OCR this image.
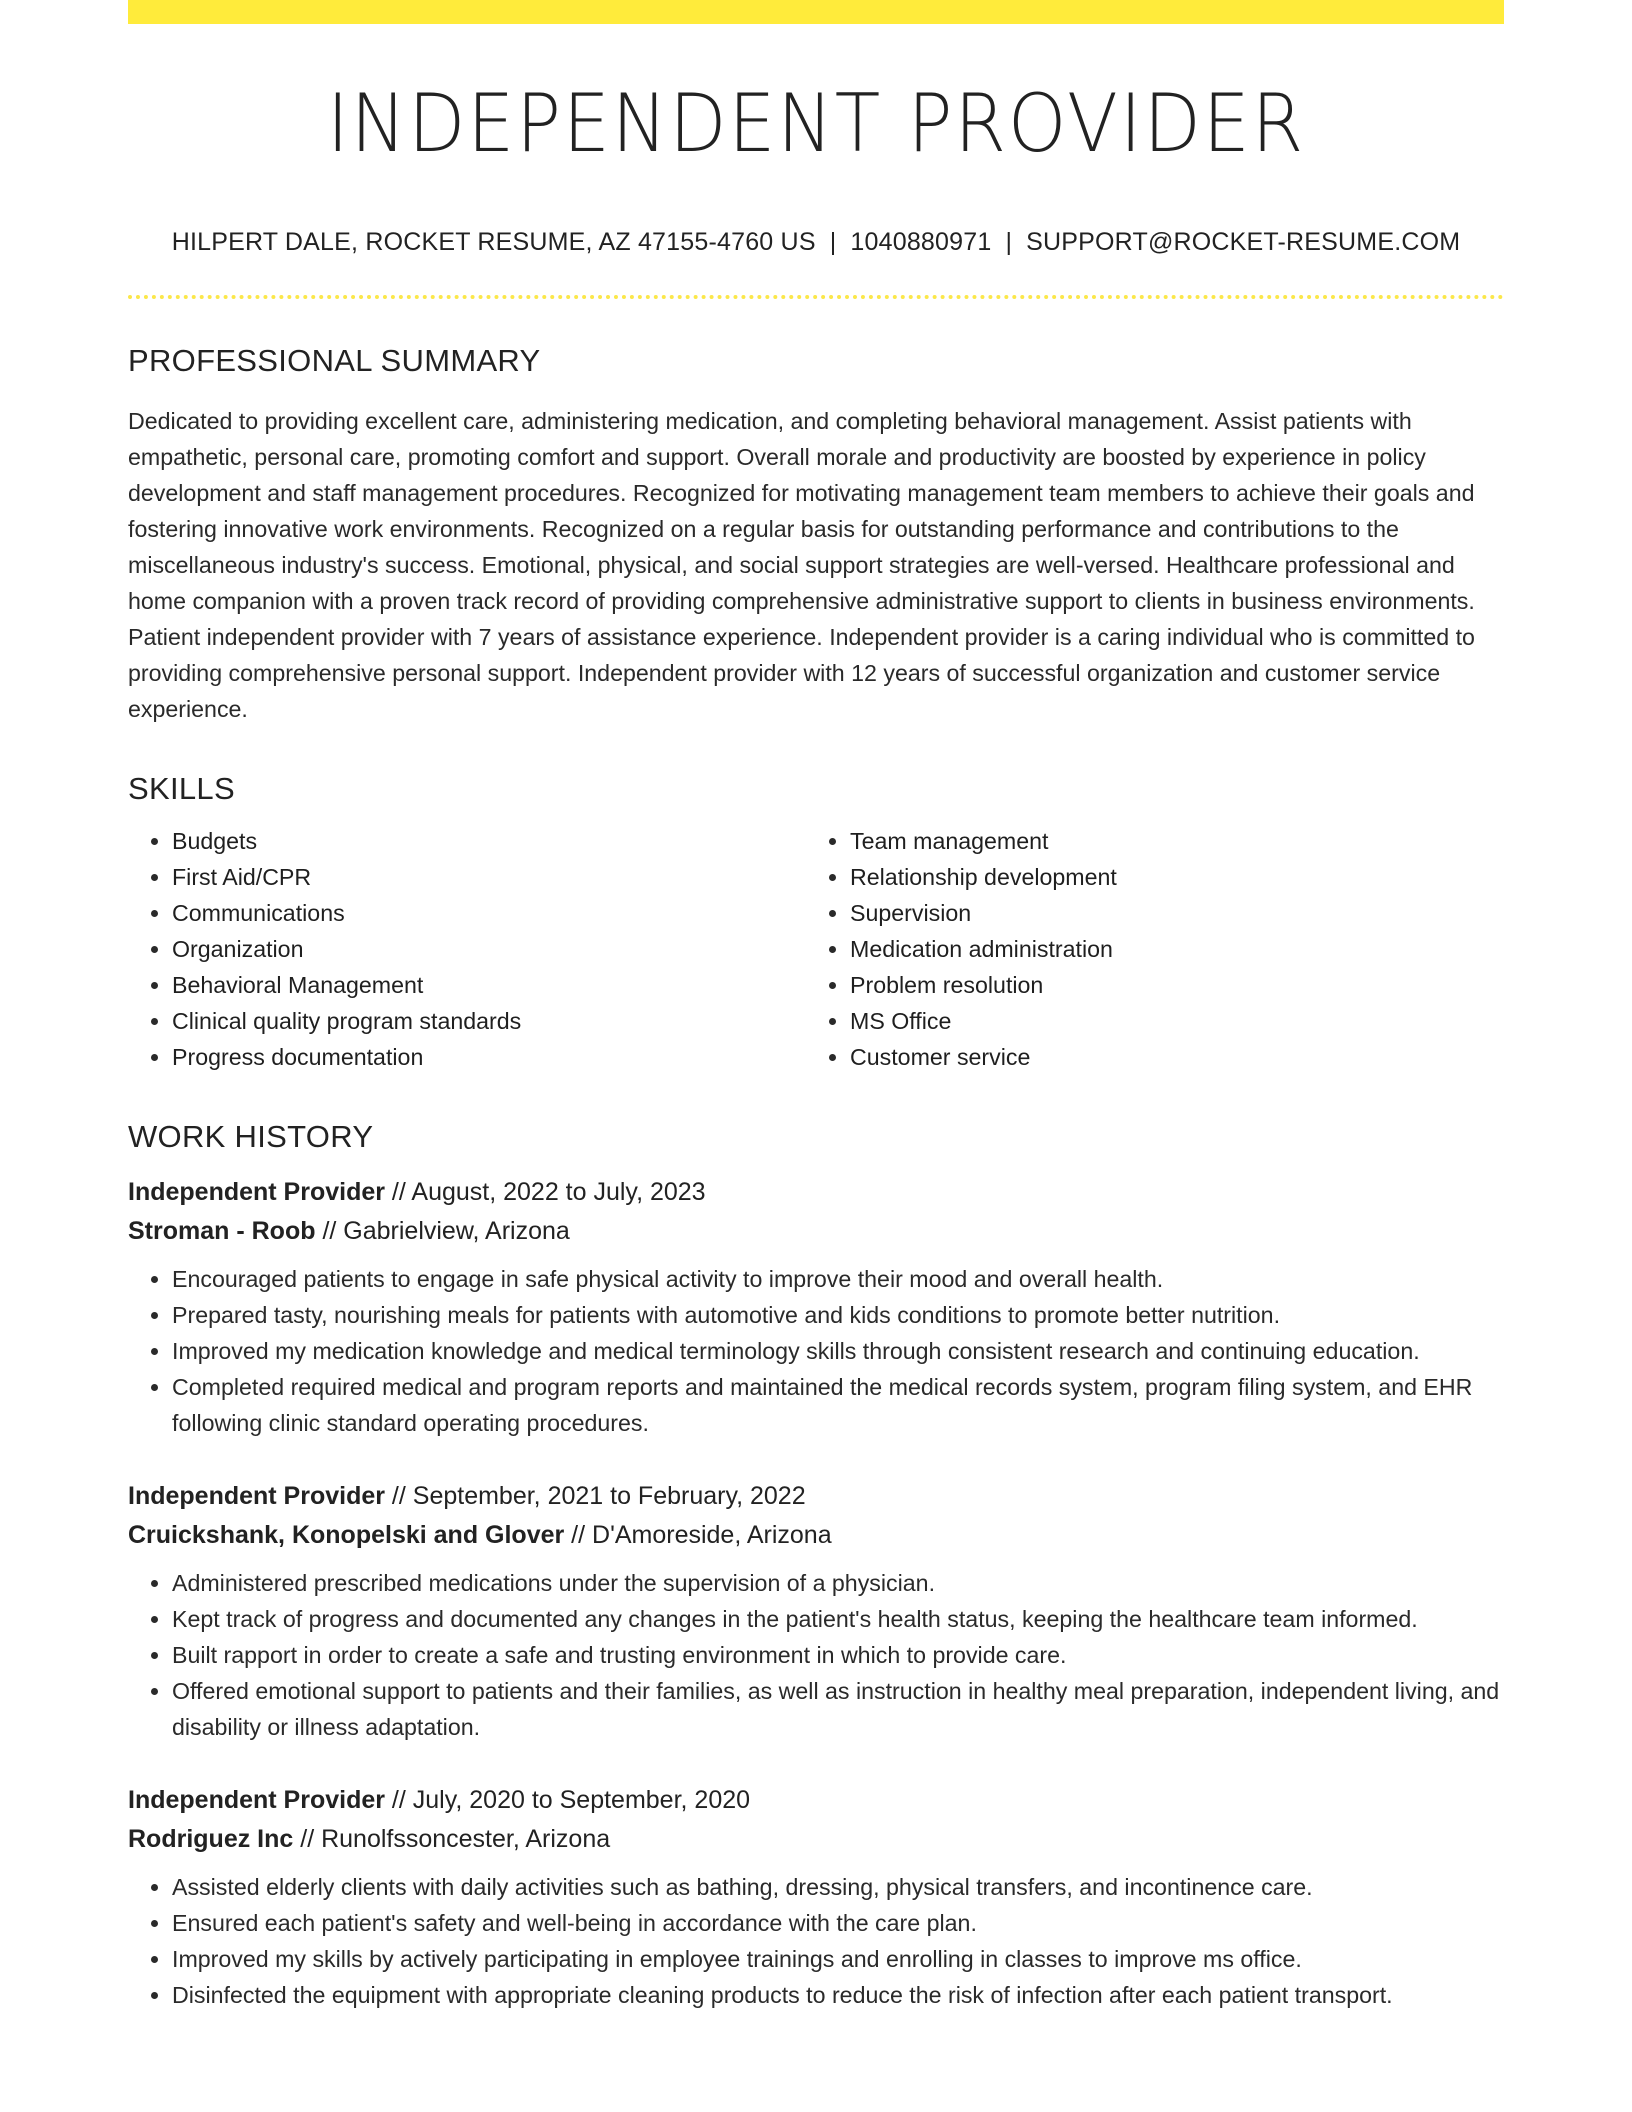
INDEPENDENT PROVIDER
HILPERT DALE, ROCKET RESUME, AZ 47155-4760 US | 1040880971 | SUPPORT@ROCKET-RESUME.COM
PROFESSIONAL SUMMARY
Dedicated to providing excellent care, administering medication, and completing behavioral management. Assist patients with empathetic, personal care, promoting comfort and support. Overall morale and productivity are boosted by experience in policy development and staff management procedures. Recognized for motivating management team members to achieve their goals and fostering innovative work environments. Recognized on a regular basis for outstanding performance and contributions to the miscellaneous industry's success. Emotional, physical, and social support strategies are well-versed. Healthcare professional and home companion with a proven track record of providing comprehensive administrative support to clients in business environments. Patient independent provider with 7 years of assistance experience. Independent provider is a caring individual who is committed to providing comprehensive personal support. Independent provider with 12 years of successful organization and customer service experience.
SKILLS
• Budgets
• First Aid/CPR
• Communications
• Organization
• Behavioral Management
• Clinical quality program standards
• Progress documentation
• Team management
• Relationship development
• Supervision
• Medication administration
• Problem resolution
• MS Office
• Customer service
WORK HISTORY
Independent Provider // August, 2022 to July, 2023
Stroman - Roob // Gabrielview, Arizona
• Encouraged patients to engage in safe physical activity to improve their mood and overall health.
• Prepared tasty, nourishing meals for patients with automotive and kids conditions to promote better nutrition.
• Improved my medication knowledge and medical terminology skills through consistent research and continuing education.
• Completed required medical and program reports and maintained the medical records system, program filing system, and EHR following clinic standard operating procedures.
Independent Provider // September, 2021 to February, 2022
Cruickshank, Konopelski and Glover // D'Amoreside, Arizona
• Administered prescribed medications under the supervision of a physician.
• Kept track of progress and documented any changes in the patient's health status, keeping the healthcare team informed.
• Built rapport in order to create a safe and trusting environment in which to provide care.
• Offered emotional support to patients and their families, as well as instruction in healthy meal preparation, independent living, and disability or illness adaptation.
Independent Provider // July, 2020 to September, 2020
Rodriguez Inc // Runolfssoncester, Arizona
• Assisted elderly clients with daily activities such as bathing, dressing, physical transfers, and incontinence care.
• Ensured each patient's safety and well-being in accordance with the care plan.
• Improved my skills by actively participating in employee trainings and enrolling in classes to improve ms office.
• Disinfected the equipment with appropriate cleaning products to reduce the risk of infection after each patient transport.
